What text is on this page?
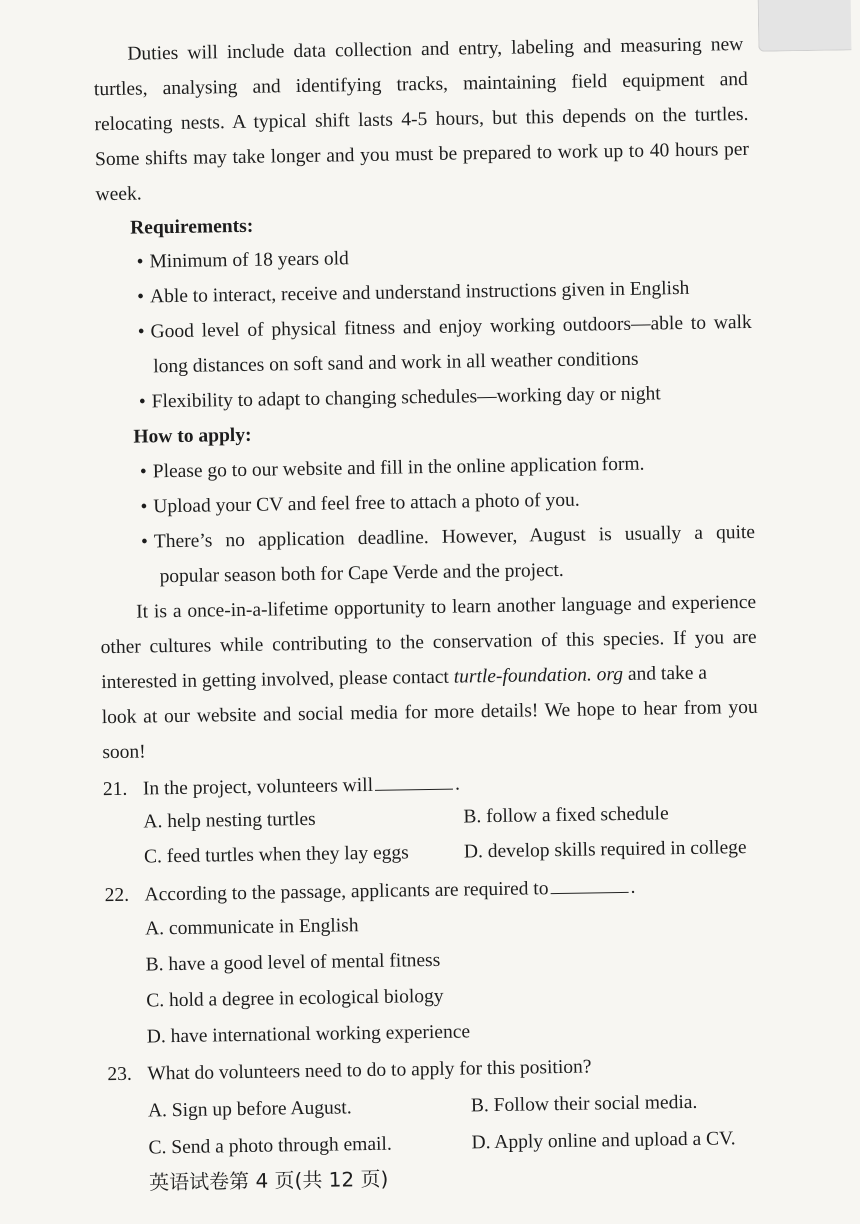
Duties will include data collection and entry, labeling and measuring new
turtles, analysing and identifying tracks, maintaining field equipment and
relocating nests. A typical shift lasts 4-5 hours, but this depends on the turtles.
Some shifts may take longer and you must be prepared to work up to 40 hours per
week.
Requirements:
• Minimum of 18 years old
• Able to interact, receive and understand instructions given in English
• Good level of physical fitness and enjoy working outdoors—able to walk
long distances on soft sand and work in all weather conditions
• Flexibility to adapt to changing schedules—working day or night
How to apply:
• Please go to our website and fill in the online application form.
• Upload your CV and feel free to attach a photo of you.
• There’s no application deadline. However, August is usually a quite
popular season both for Cape Verde and the project.
It is a once-in-a-lifetime opportunity to learn another language and experience
other cultures while contributing to the conservation of this species. If you are
interested in getting involved, please contact turtle-foundation. org and take a
look at our website and social media for more details! We hope to hear from you
soon!
21. In the project, volunteers will	.
A. help nesting turtles	B. follow a fixed schedule
C. feed turtles when they lay eggs	D. develop skills required in college
22. According to the passage, applicants are required to	.
A. communicate in English
B. have a good level of mental fitness
C. hold a degree in ecological biology
D. have international working experience
23. What do volunteers need to do to apply for this position?
A. Sign up before August.	B. Follow their social media.
C. Send a photo through email.	D. Apply online and upload a CV.
英语试卷第 4 页(共 12 页)
